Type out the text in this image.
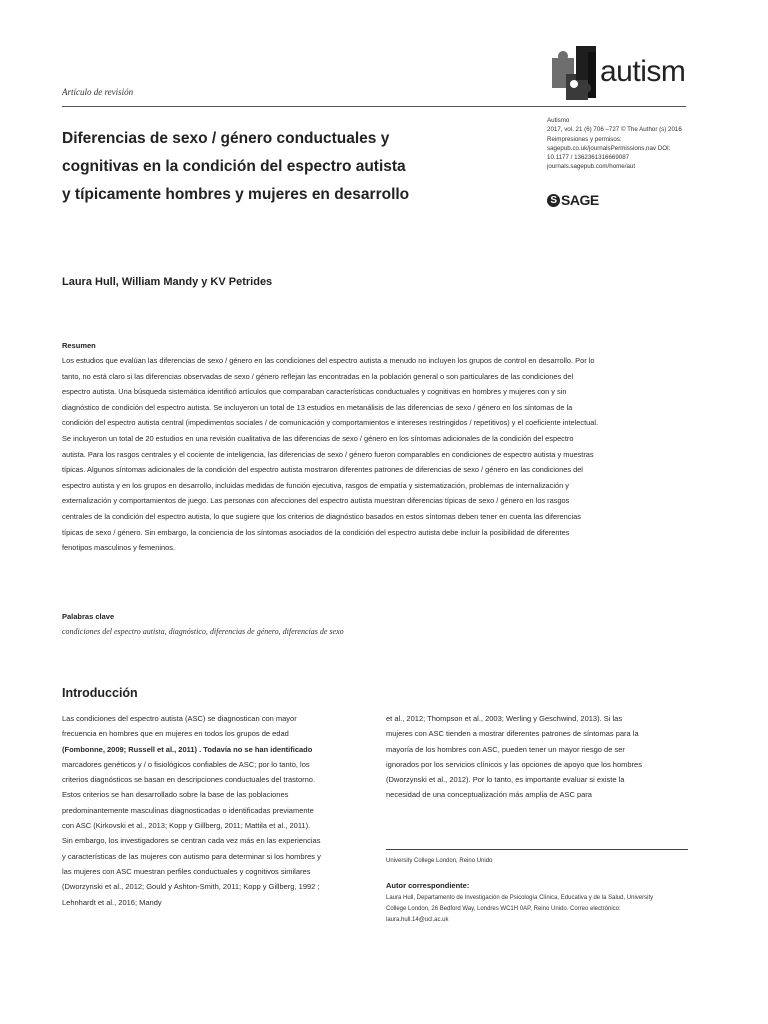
Artículo de revisión
autism
Diferencias de sexo / género conductuales y
cognitivas en la condición del espectro autista
y típicamente hombres y mujeres en desarrollo
Autismo
2017, vol. 21 (6) 706 –727 © The Author (s) 2016
Reimpresiones y permisos:
sagepub.co.uk/journalsPermissions.nav DOI:
10.1177 / 1362361316669087
journals.sagepub.com/home/aut
S SAGE
Laura Hull, William Mandy y KV Petrides
Resumen
Los estudios que evalúan las diferencias de sexo / género en las condiciones del espectro autista a menudo no incluyen los grupos de control en desarrollo. Por lo
tanto, no está claro si las diferencias observadas de sexo / género reflejan las encontradas en la población general o son particulares de las condiciones del
espectro autista. Una búsqueda sistemática identificó artículos que comparaban características conductuales y cognitivas en hombres y mujeres con y sin
diagnóstico de condición del espectro autista. Se incluyeron un total de 13 estudios en metanálisis de las diferencias de sexo / género en los síntomas de la
condición del espectro autista central (impedimentos sociales / de comunicación y comportamientos e intereses restringidos / repetitivos) y el coeficiente intelectual.
Se incluyeron un total de 20 estudios en una revisión cualitativa de las diferencias de sexo / género en los síntomas adicionales de la condición del espectro
autista. Para los rasgos centrales y el cociente de inteligencia, las diferencias de sexo / género fueron comparables en condiciones de espectro autista y muestras
típicas. Algunos síntomas adicionales de la condición del espectro autista mostraron diferentes patrones de diferencias de sexo / género en las condiciones del
espectro autista y en los grupos en desarrollo, incluidas medidas de función ejecutiva, rasgos de empatía y sistematización, problemas de internalización y
externalización y comportamientos de juego. Las personas con afecciones del espectro autista muestran diferencias típicas de sexo / género en los rasgos
centrales de la condición del espectro autista, lo que sugiere que los criterios de diagnóstico basados en estos síntomas deben tener en cuenta las diferencias
típicas de sexo / género. Sin embargo, la conciencia de los síntomas asociados de la condición del espectro autista debe incluir la posibilidad de diferentes
fenotipos masculinos y femeninos.
Palabras clave
condiciones del espectro autista, diagnóstico, diferencias de género, diferencias de sexo
Introducción
Las condiciones del espectro autista (ASC) se diagnostican con mayor
frecuencia en hombres que en mujeres en todos los grupos de edad
(Fombonne, 2009; Russell et al., 2011) . Todavía no se han identificado
marcadores genéticos y / o fisiológicos confiables de ASC; por lo tanto, los
criterios diagnósticos se basan en descripciones conductuales del trastorno.
Estos criterios se han desarrollado sobre la base de las poblaciones
predominantemente masculinas diagnosticadas o identificadas previamente
con ASC (Kirkovski et al., 2013; Kopp y Gillberg, 2011; Mattila et al., 2011).
Sin embargo, los investigadores se centran cada vez más en las experiencias
y características de las mujeres con autismo para determinar si los hombres y
las mujeres con ASC muestran perfiles conductuales y cognitivos similares
(Dworzynski et al., 2012; Gould y Ashton-Smith, 2011; Kopp y Gillberg, 1992 ;
Lehnhardt et al., 2016; Mandy
et al., 2012; Thompson et al., 2003; Werling y Geschwind, 2013). Si las
mujeres con ASC tienden a mostrar diferentes patrones de síntomas para la
mayoría de los hombres con ASC, pueden tener un mayor riesgo de ser
ignorados por los servicios clínicos y las opciones de apoyo que los hombres
(Dworzynski et al., 2012). Por lo tanto, es importante evaluar si existe la
necesidad de una conceptualización más amplia de ASC para
University College London, Reino Unido
Autor correspondiente:
Laura Hull, Departamento de Investigación de Psicología Clínica, Educativa y de la Salud, University
College London, 26 Bedford Way, Londres WC1H 0AP, Reino Unido. Correo electrónico:
laura.hull.14@ucl.ac.uk
